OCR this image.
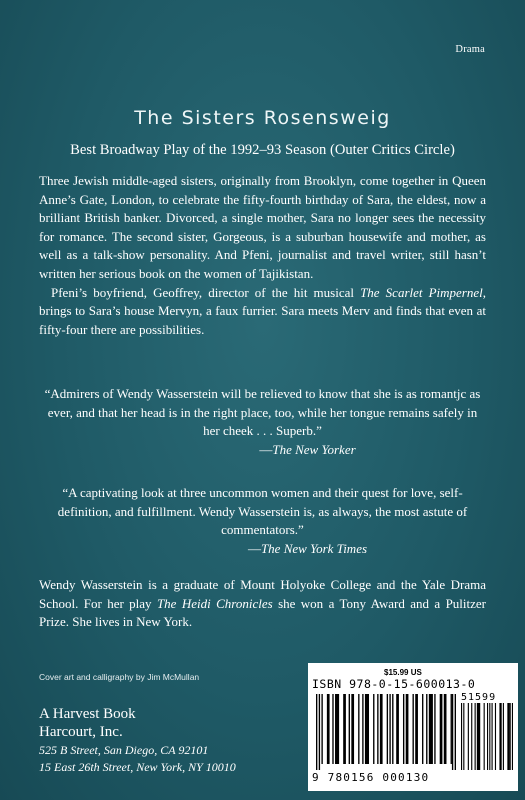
Drama
The Sisters Rosensweig
Best Broadway Play of the 1992–93 Season (Outer Critics Circle)

Three Jewish middle-aged sisters, originally from Brooklyn, come together in Queen Anne’s Gate, London, to celebrate the fifty-fourth birthday of Sara, the eldest, now a brilliant British banker. Divorced, a single mother, Sara no longer sees the necessity for romance. The second sister, Gorgeous, is a suburban housewife and mother, as well as a talk-show personality. And Pfeni, journalist and travel writer, still hasn’t written her serious book on the women of Tajikistan.

Pfeni’s boyfriend, Geoffrey, director of the hit musical The Scarlet Pimpernel, brings to Sara’s house Mervyn, a faux furrier. Sara meets Merv and finds that even at fifty-four there are possibilities.

“Admirers of Wendy Wasserstein will be relieved to know that she is as romantjc as ever, and that her head is in the right place, too, while her tongue remains safely in her cheek . . . Superb.”
—The New Yorker
“A captivating look at three uncommon women and their quest for love, self-definition, and fulfillment. Wendy Wasserstein is, as always, the most astute of commentators.”
—The New York Times
Wendy Wasserstein is a graduate of Mount Holyoke College and the Yale Drama School. For her play The Heidi Chronicles she won a Tony Award and a Pulitzer Prize. She lives in New York.
Cover art and calligraphy by Jim McMullan
A Harvest Book
Harcourt, Inc.
525 B Street, San Diego, CA 92101
15 East 26th Street, New York, NY 10010
$15.99 US
ISBN 978-0-15-600013-0
51599
9 780156 000130
